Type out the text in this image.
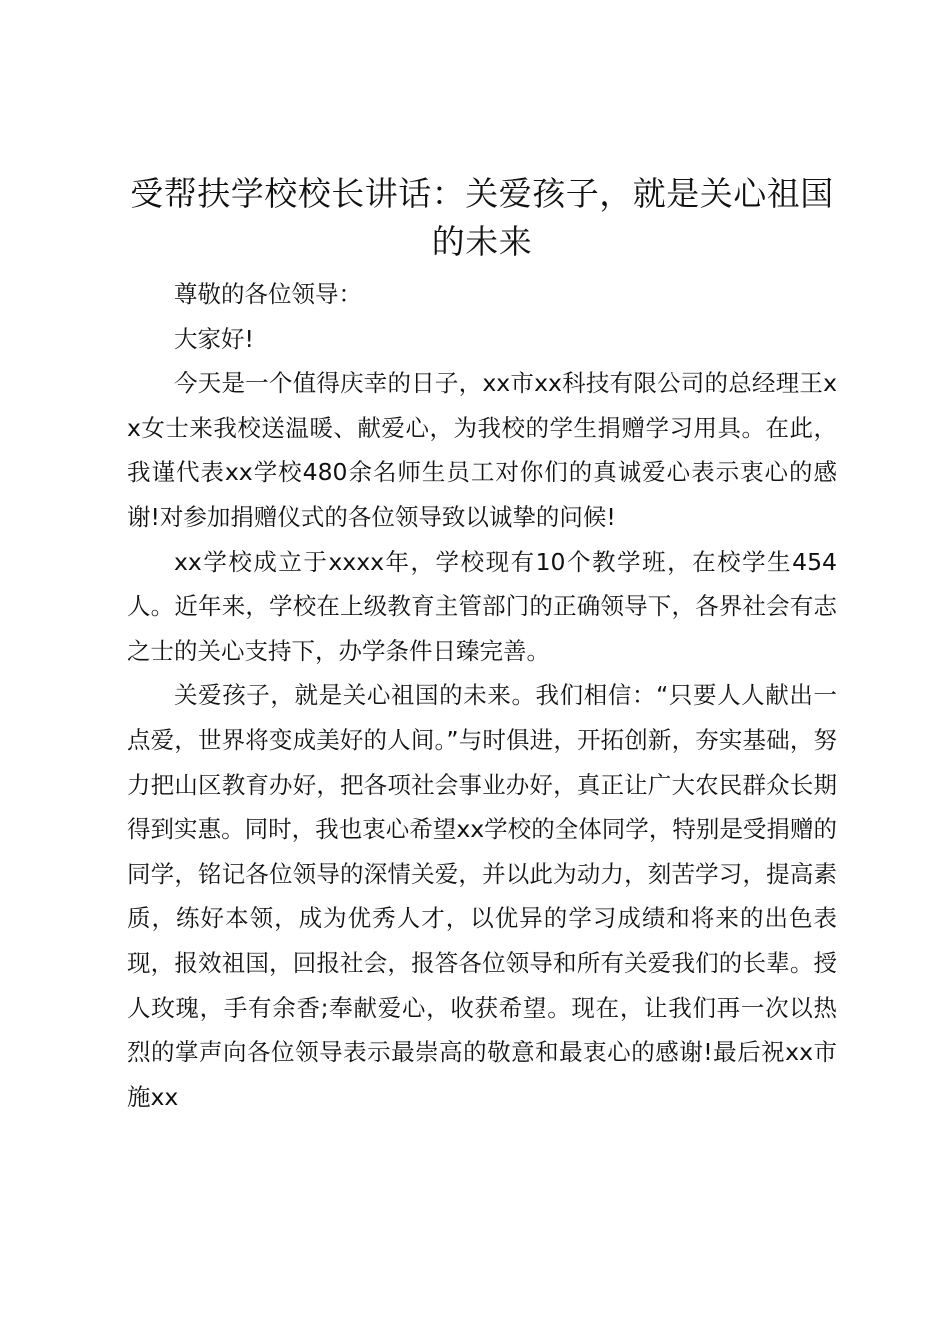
受帮扶学校校长讲话：关爱孩子，就是关心祖国的未来

尊敬的各位领导：

大家好!

今天是一个值得庆幸的日子，xx市xx科技有限公司的总经理王xx女士来我校送温暖、献爱心，为我校的学生捐赠学习用具。在此，我谨代表xx学校480余名师生员工对你们的真诚爱心表示衷心的感谢!对参加捐赠仪式的各位领导致以诚挚的问候!

xx学校成立于xxxx年，学校现有10个教学班，在校学生454人。近年来，学校在上级教育主管部门的正确领导下，各界社会有志之士的关心支持下，办学条件日臻完善。

关爱孩子，就是关心祖国的未来。我们相信：“只要人人献出一点爱，世界将变成美好的人间。”与时俱进，开拓创新，夯实基础，努力把山区教育办好，把各项社会事业办好，真正让广大农民群众长期得到实惠。同时，我也衷心希望xx学校的全体同学，特别是受捐赠的同学，铭记各位领导的深情关爱，并以此为动力，刻苦学习，提高素质，练好本领，成为优秀人才，以优异的学习成绩和将来的出色表现，报效祖国，回报社会，报答各位领导和所有关爱我们的长辈。授人玫瑰，手有余香;奉献爱心，收获希望。现在，让我们再一次以热烈的掌声向各位领导表示最崇高的敬意和最衷心的感谢!最后祝xx市施xx
